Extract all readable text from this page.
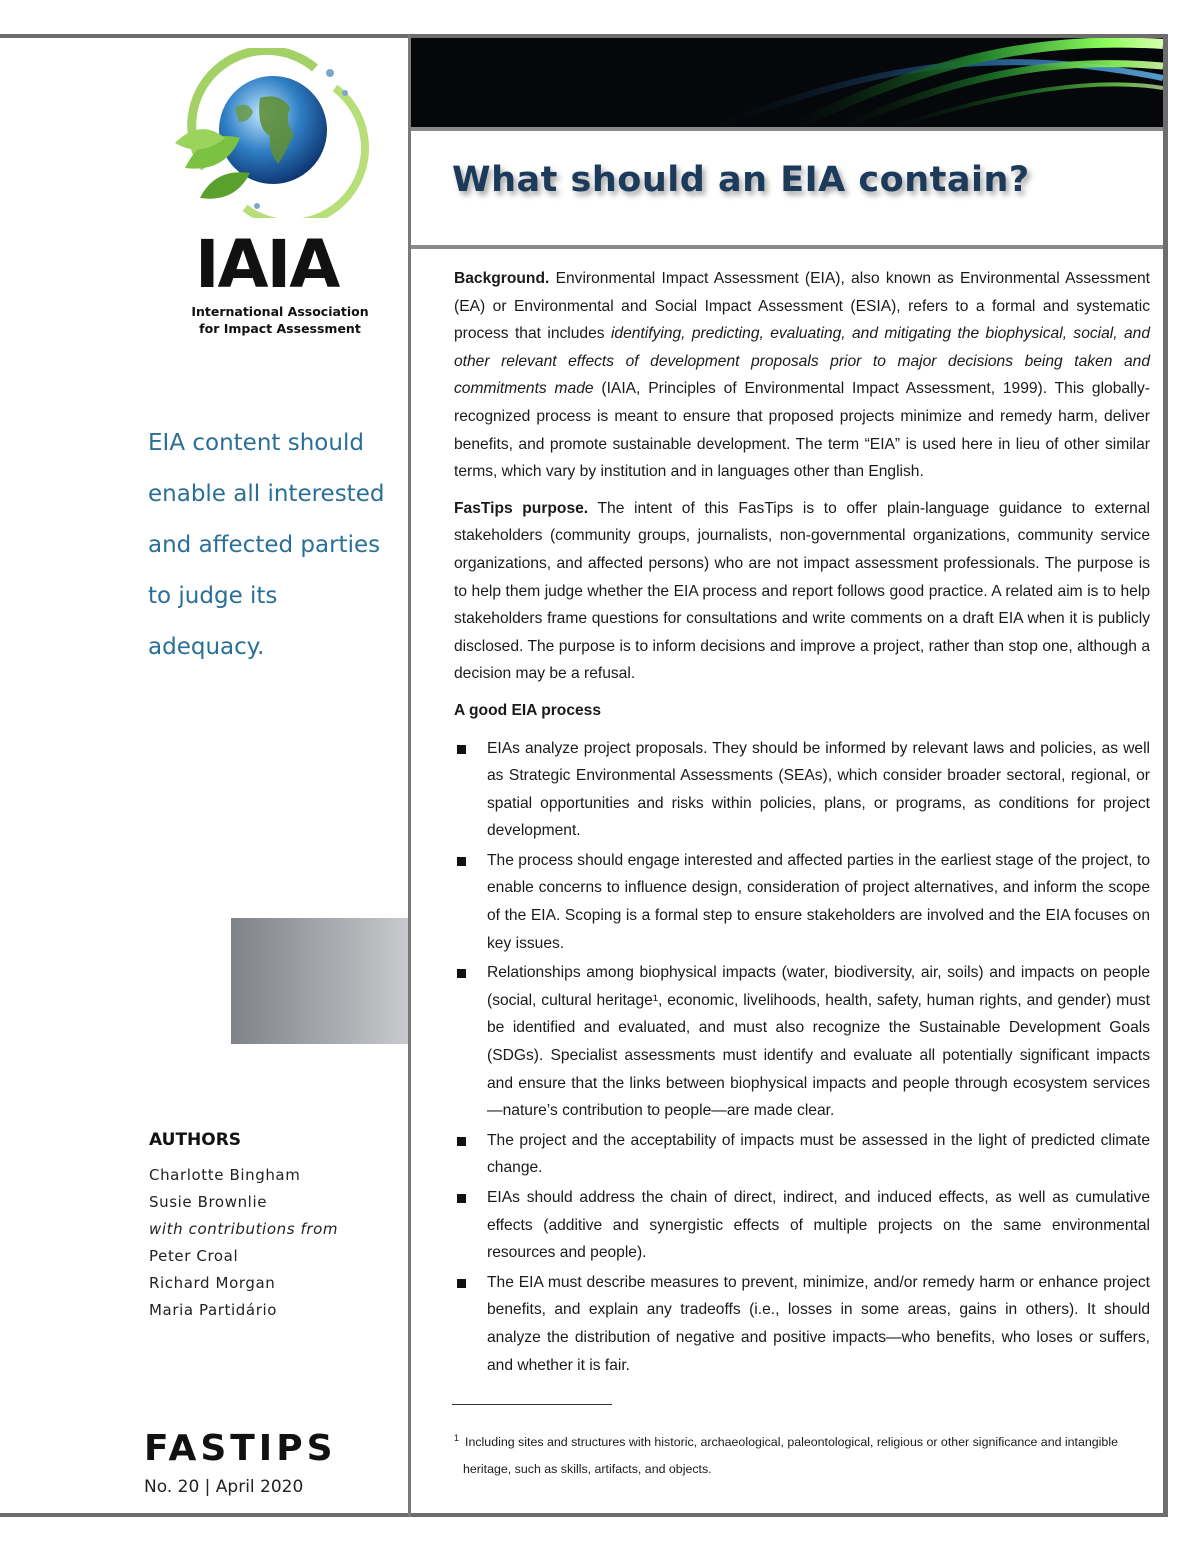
What should an EIA contain?
IAIA
International Association
for Impact Assessment

EIA content should enable all interested and affected parties to judge its adequacy.

AUTHORS
Charlotte Bingham
Susie Brownlie
with contributions from
Peter Croal
Richard Morgan
Maria Partidário
FASTIPS
No. 20 | April 2020

Background. Environmental Impact Assessment (EIA), also known as Environmental Assessment (EA) or Environmental and Social Impact Assessment (ESIA), refers to a formal and systematic process that includes identifying, predicting, evaluating, and mitigating the biophysical, social, and other relevant effects of development proposals prior to major decisions being taken and commitments made (IAIA, Principles of Environmental Impact Assessment, 1999). This globally-recognized process is meant to ensure that proposed projects minimize and remedy harm, deliver benefits, and promote sustainable development. The term “EIA” is used here in lieu of other similar terms, which vary by institution and in languages other than English.

FasTips purpose. The intent of this FasTips is to offer plain-language guidance to external stakeholders (community groups, journalists, non-governmental organizations, community service organizations, and affected persons) who are not impact assessment professionals. The purpose is to help them judge whether the EIA process and report follows good practice. A related aim is to help stakeholders frame questions for consultations and write comments on a draft EIA when it is publicly disclosed. The purpose is to inform decisions and improve a project, rather than stop one, although a decision may be a refusal.

A good EIA process
EIAs analyze project proposals. They should be informed by relevant laws and policies, as well as Strategic Environmental Assessments (SEAs), which consider broader sectoral, regional, or spatial opportunities and risks within policies, plans, or programs, as conditions for project development.
The process should engage interested and affected parties in the earliest stage of the project, to enable concerns to influence design, consideration of project alternatives, and inform the scope of the EIA. Scoping is a formal step to ensure stakeholders are involved and the EIA focuses on key issues.
Relationships among biophysical impacts (water, biodiversity, air, soils) and impacts on people (social, cultural heritage¹, economic, livelihoods, health, safety, human rights, and gender) must be identified and evaluated, and must also recognize the Sustainable Development Goals (SDGs). Specialist assessments must identify and evaluate all potentially significant impacts and ensure that the links between biophysical impacts and people through ecosystem services—nature’s contribution to people—are made clear.
The project and the acceptability of impacts must be assessed in the light of predicted climate change.
EIAs should address the chain of direct, indirect, and induced effects, as well as cumulative effects (additive and synergistic effects of multiple projects on the same environmental resources and people).
The EIA must describe measures to prevent, minimize, and/or remedy harm or enhance project benefits, and explain any tradeoffs (i.e., losses in some areas, gains in others). It should analyze the distribution of negative and positive impacts—who benefits, who loses or suffers, and whether it is fair.
$^1$ Including sites and structures with historic, archaeological, paleontological, religious or other significance and intangible
heritage, such as skills, artifacts, and objects.
